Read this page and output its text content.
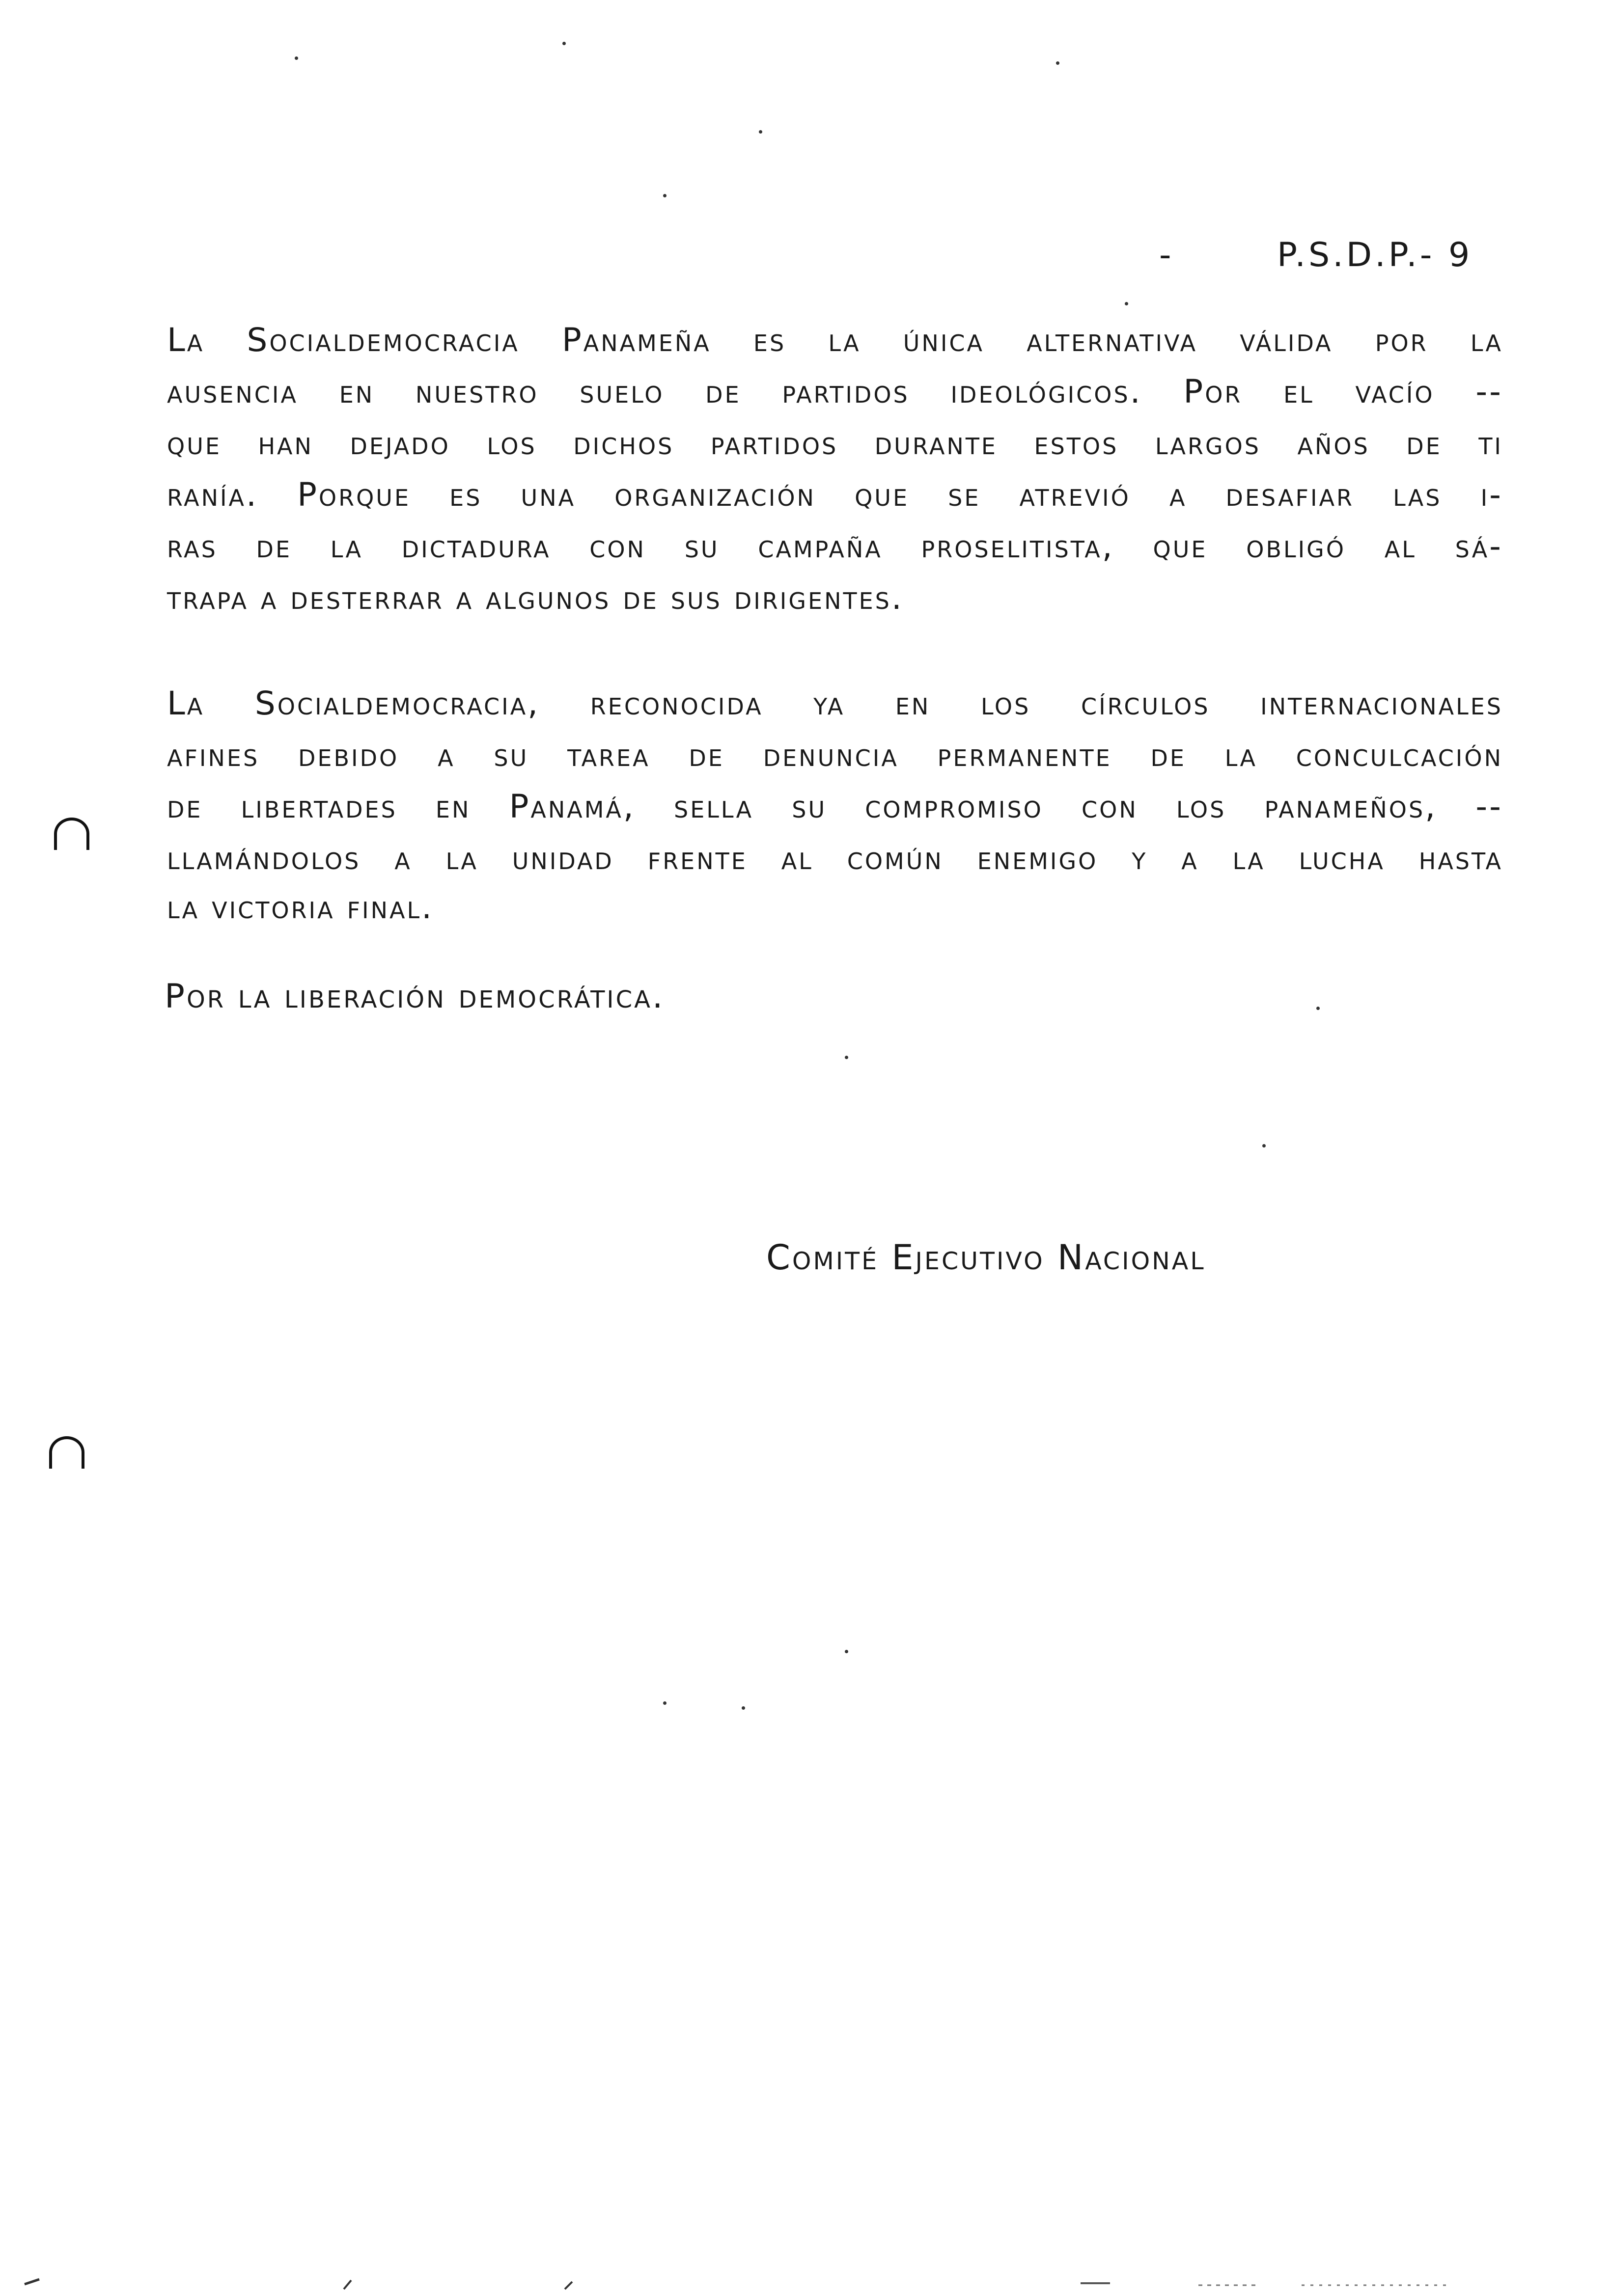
-	P.S.D.P.- 9
La Socialdemocracia Panameña es la única alternativa válida por la
ausencia en nuestro suelo de partidos ideológicos. Por el vacío --
que han dejado los dichos partidos durante estos largos años de ti
ranía. Porque es una organización que se atrevió a desafiar las i-
ras de la dictadura con su campaña proselitista, que obligó al sá-
trapa a desterrar a algunos de sus dirigentes.
La Socialdemocracia, reconocida ya en los círculos internacionales
afines debido a su tarea de denuncia permanente de la conculcación
de libertades en Panamá, sella su compromiso con los panameños, --
llamándolos a la unidad frente al común enemigo y a la lucha hasta
la victoria final.
Por la liberación democrática.
Comité Ejecutivo Nacional
